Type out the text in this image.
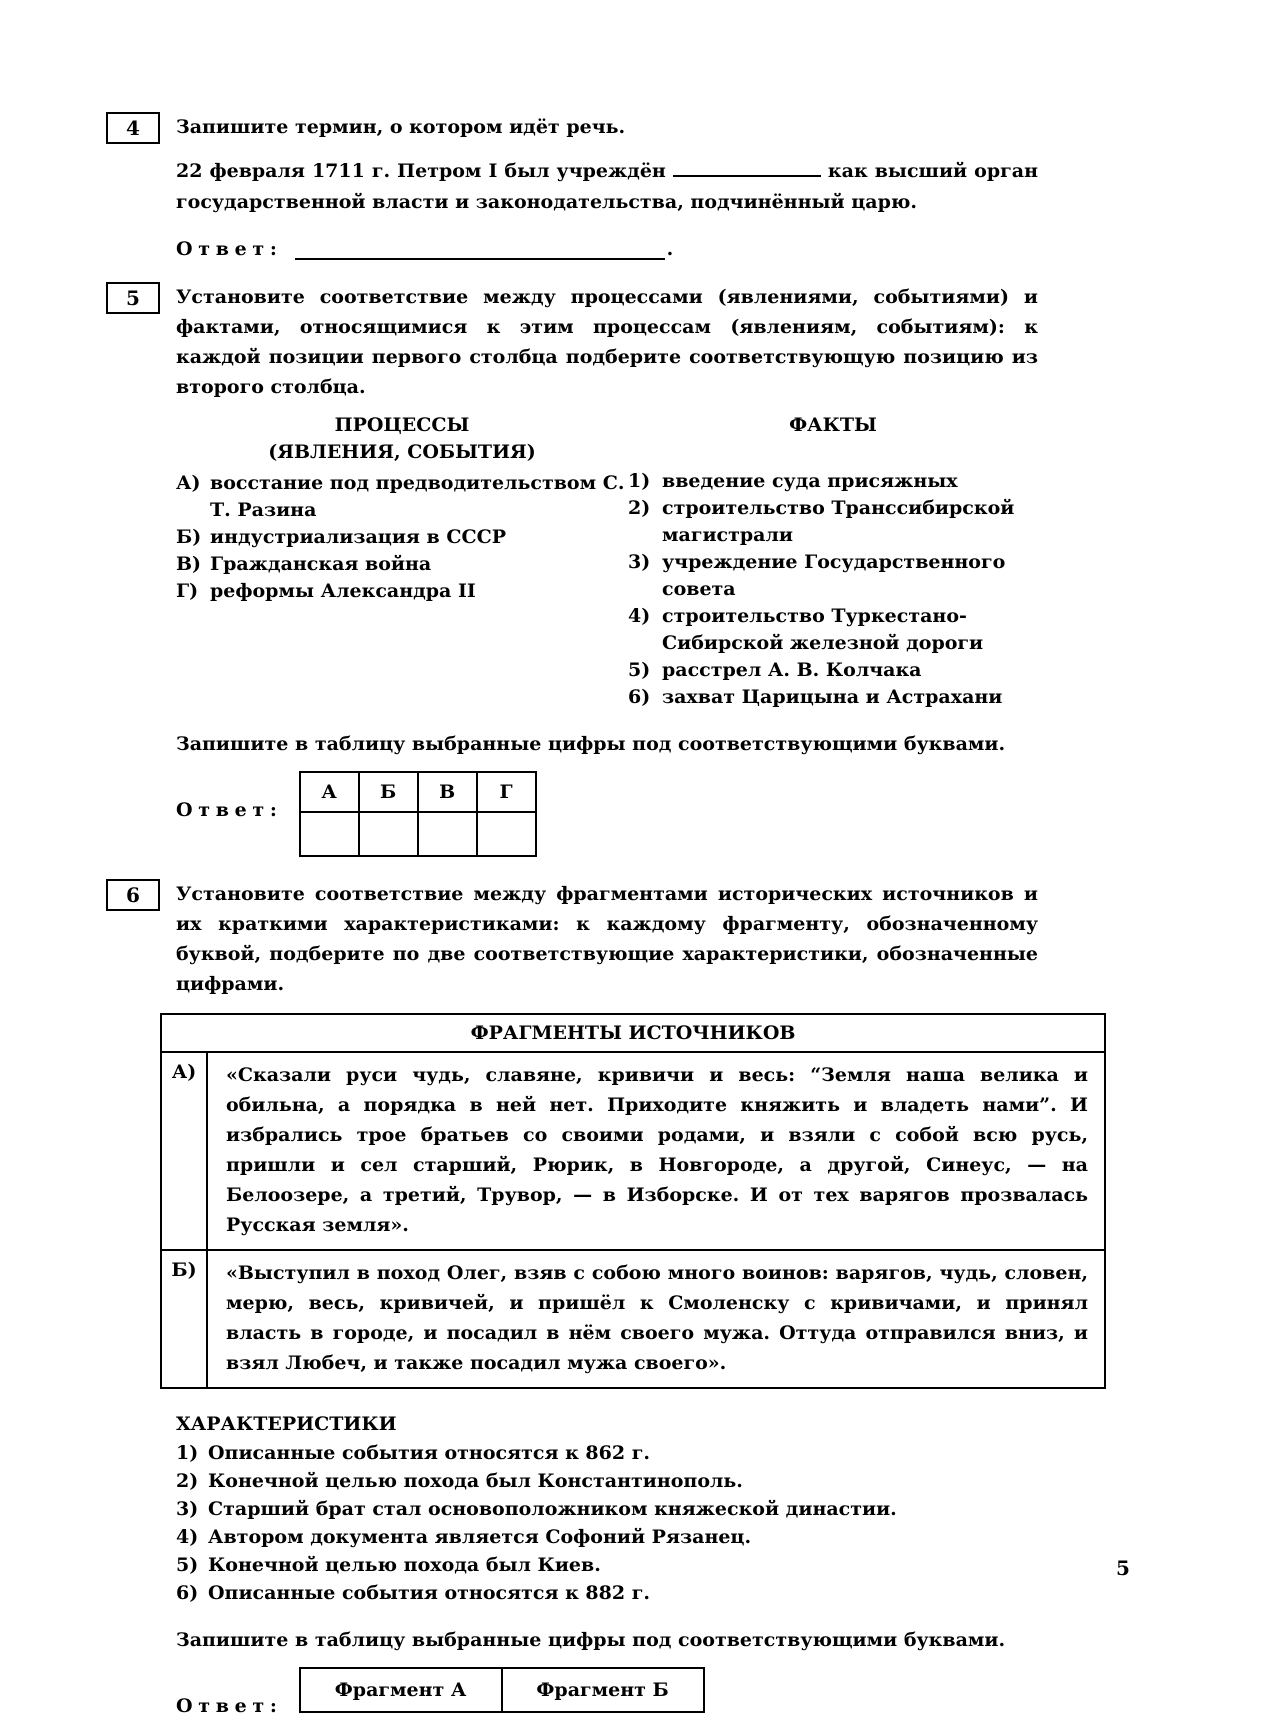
4 Запишите термин, о котором идёт речь.
22 февраля 1711 г. Петром I был учреждён	как высший орган государственной власти и законодательства, подчинённый царю.
Ответ:	.
5 Установите соответствие между процессами (явлениями, событиями) и фактами, относящимися к этим процессам (явлениям, событиям): к каждой позиции первого столбца подберите соответствующую позицию из второго столбца.
ПРОЦЕССЫ
(ЯВЛЕНИЯ, СОБЫТИЯ)
А) восстание под предводительством С. Т. Разина
Б) индустриализация в СССР
В) Гражданская война
Г) реформы Александра II
ФАКТЫ
1) введение суда присяжных
2) строительство Транссибирской магистрали
3) учреждение Государственного совета
4) строительство Туркестано-Сибирской железной дороги
5) расстрел А. В. Колчака
6) захват Царицына и Астрахани
Запишите в таблицу выбранные цифры под соответствующими буквами.
Ответ:
А	Б	В	Г

6 Установите соответствие между фрагментами исторических источников и их краткими характеристиками: к каждому фрагменту, обозначенному буквой, подберите по две соответствующие характеристики, обозначенные цифрами.
ФРАГМЕНТЫ ИСТОЧНИКОВ	
А)	«Сказали руси чудь, славяне, кривичи и весь: “Земля наша велика и обильна, а порядка в ней нет. Приходите княжить и владеть нами”. И избрались трое братьев со своими родами, и взяли с собой всю русь, пришли и сел старший, Рюрик, в Новгороде, а другой, Синеус, — на Белоозере, а третий, Трувор, — в Изборске. И от тех варягов прозвалась Русская земля».
Б)	«Выступил в поход Олег, взяв с собою много воинов: варягов, чудь, словен, мерю, весь, кривичей, и пришёл к Смоленску с кривичами, и принял власть в городе, и посадил в нём своего мужа. Оттуда отправился вниз, и взял Любеч, и также посадил мужа своего».
ХАРАКТЕРИСТИКИ
1) Описанные события относятся к 862 г.
2) Конечной целью похода был Константинополь.
3) Старший брат стал основоположником княжеской династии.
4) Автором документа является Софоний Рязанец.
5) Конечной целью похода был Киев.
6) Описанные события относятся к 882 г.
Запишите в таблицу выбранные цифры под соответствующими буквами.
Ответ:
Фрагмент А		Фрагмент Б	

5
